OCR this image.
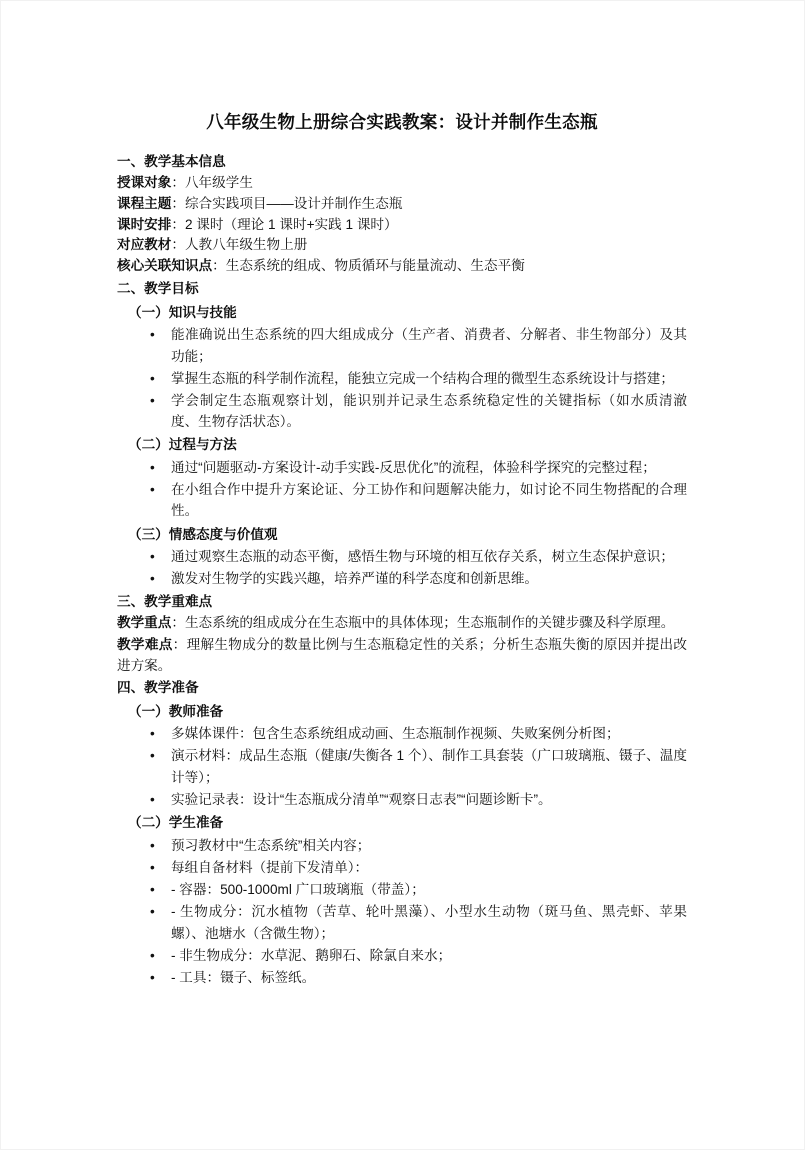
八年级生物上册综合实践教案：设计并制作生态瓶
一、教学基本信息
授课对象：八年级学生
课程主题：综合实践项目——设计并制作生态瓶
课时安排：2 课时（理论 1 课时+实践 1 课时）
对应教材：人教八年级生物上册
核心关联知识点：生态系统的组成、物质循环与能量流动、生态平衡
二、教学目标
（一）知识与技能
• 能准确说出生态系统的四大组成成分（生产者、消费者、分解者、非生物部分）及其功能；
• 掌握生态瓶的科学制作流程，能独立完成一个结构合理的微型生态系统设计与搭建；
• 学会制定生态瓶观察计划，能识别并记录生态系统稳定性的关键指标（如水质清澈度、生物存活状态）。
（二）过程与方法
• 通过“问题驱动-方案设计-动手实践-反思优化”的流程，体验科学探究的完整过程；
• 在小组合作中提升方案论证、分工协作和问题解决能力，如讨论不同生物搭配的合理性。
（三）情感态度与价值观
• 通过观察生态瓶的动态平衡，感悟生物与环境的相互依存关系，树立生态保护意识；
• 激发对生物学的实践兴趣，培养严谨的科学态度和创新思维。
三、教学重难点
教学重点：生态系统的组成成分在生态瓶中的具体体现；生态瓶制作的关键步骤及科学原理。
教学难点：理解生物成分的数量比例与生态瓶稳定性的关系；分析生态瓶失衡的原因并提出改进方案。
四、教学准备
（一）教师准备
• 多媒体课件：包含生态系统组成动画、生态瓶制作视频、失败案例分析图；
• 演示材料：成品生态瓶（健康/失衡各 1 个）、制作工具套装（广口玻璃瓶、镊子、温度计等）；
• 实验记录表：设计“生态瓶成分清单”“观察日志表”“问题诊断卡”。
（二）学生准备
• 预习教材中“生态系统”相关内容；
• 每组自备材料（提前下发清单）：
• - 容器：500-1000ml 广口玻璃瓶（带盖）；
• - 生物成分：沉水植物（苦草、轮叶黑藻）、小型水生动物（斑马鱼、黑壳虾、苹果螺）、池塘水（含微生物）；
• - 非生物成分：水草泥、鹅卵石、除氯自来水；
• - 工具：镊子、标签纸。
